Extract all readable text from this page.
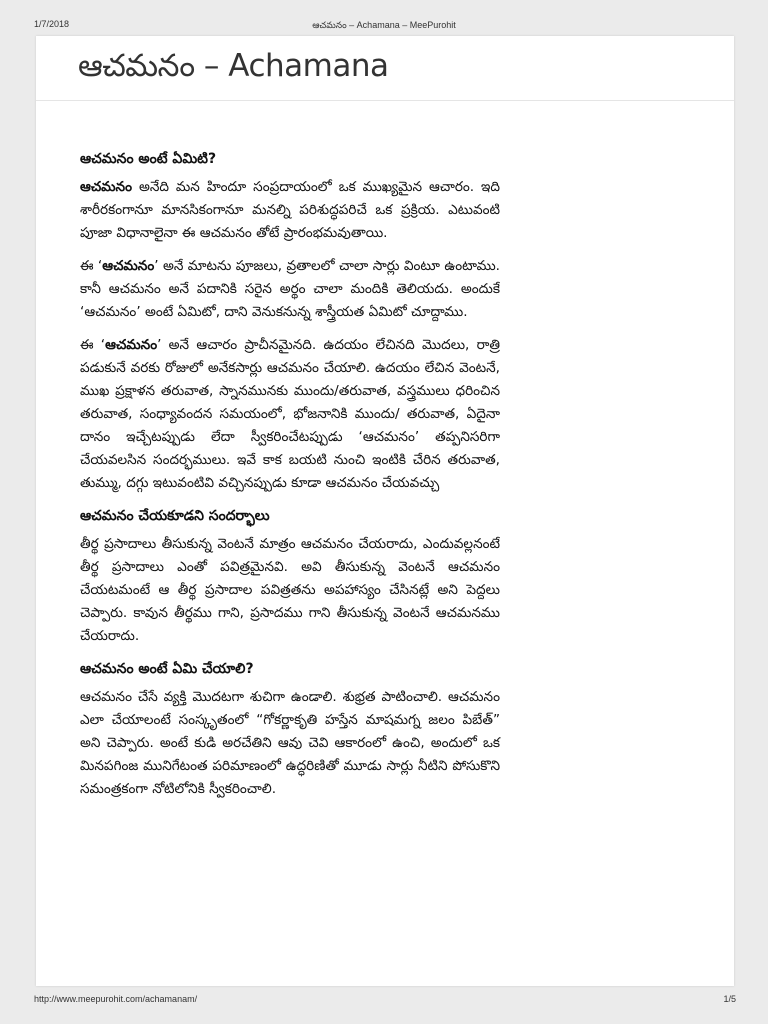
1/7/2018	ఆచమనం – Achamana – MeePurohit
ఆచమనం – Achamana
ఆచమనం అంటే ఏమిటి?

ఆచమనం అనేది మన హిందూ సంప్రదాయంలో ఒక ముఖ్యమైన ఆచారం. ఇది శారీరకంగానూ మానసికంగానూ మనల్ని పరిశుద్ధపరిచే ఒక ప్రక్రియ. ఎటువంటి పూజా విధానాలైనా ఈ ఆచమనం తోటే ప్రారంభమవుతాయి.

ఈ ‘ఆచమనం’ అనే మాటను పూజలు, వ్రతాలలో చాలా సార్లు వింటూ ఉంటాము. కానీ ఆచమనం అనే పదానికి సరైన అర్థం చాలా మందికి తెలియదు. అందుకే ‘ఆచమనం’ అంటే ఏమిటో, దాని వెనుకనున్న శాస్త్రీయత ఏమిటో చూద్దాము.

ఈ ‘ఆచమనం’ అనే ఆచారం ప్రాచీనమైనది. ఉదయం లేచినది మొదలు, రాత్రి పడుకునే వరకు రోజులో అనేకసార్లు ఆచమనం చేయాలి. ఉదయం లేచిన వెంటనే, ముఖ ప్రక్షాళన తరువాత, స్నానమునకు ముందు/తరువాత, వస్త్రములు ధరించిన తరువాత, సంధ్యావందన సమయంలో, భోజనానికి ముందు/ తరువాత, ఏదైనా దానం ఇచ్చేటప్పుడు లేదా స్వీకరించేటప్పుడు ‘ఆచమనం’ తప్పనిసరిగా చేయవలసిన సందర్భములు. ఇవే కాక బయటి నుంచి ఇంటికి చేరిన తరువాత, తుమ్ము, దగ్గు ఇటువంటివి వచ్చినప్పుడు కూడా ఆచమనం చేయవచ్చు

ఆచమనం చేయకూడని సందర్భాలు

తీర్థ ప్రసాదాలు తీసుకున్న వెంటనే మాత్రం ఆచమనం చేయరాదు, ఎందువల్లనంటే తీర్థ ప్రసాదాలు ఎంతో పవిత్రమైనవి. అవి తీసుకున్న వెంటనే ఆచమనం చేయటమంటే ఆ తీర్థ ప్రసాదాల పవిత్రతను అపహాస్యం చేసినట్లే అని పెద్దలు చెప్పారు. కావున తీర్థము గాని, ప్రసాదము గాని తీసుకున్న వెంటనే ఆచమనము చేయరాదు.

ఆచమనం అంటే ఏమి చేయాలి?

ఆచమనం చేసే వ్యక్తి మొదటగా శుచిగా ఉండాలి. శుభ్రత పాటించాలి. ఆచమనం ఎలా చేయాలంటే సంస్కృతంలో “గోకర్ణాకృతి హస్తేన మాషమగ్న జలం పిబేత్” అని చెప్పారు. అంటే కుడి అరచేతిని ఆవు చెవి ఆకారంలో ఉంచి, అందులో ఒక మినపగింజ మునిగేటంత పరిమాణంలో ఉద్ధరిణితో మూడు సార్లు నీటిని పోసుకొని సమంత్రకంగా నోటిలోనికి స్వీకరించాలి.

http://www.meepurohit.com/achamanam/	1/5
